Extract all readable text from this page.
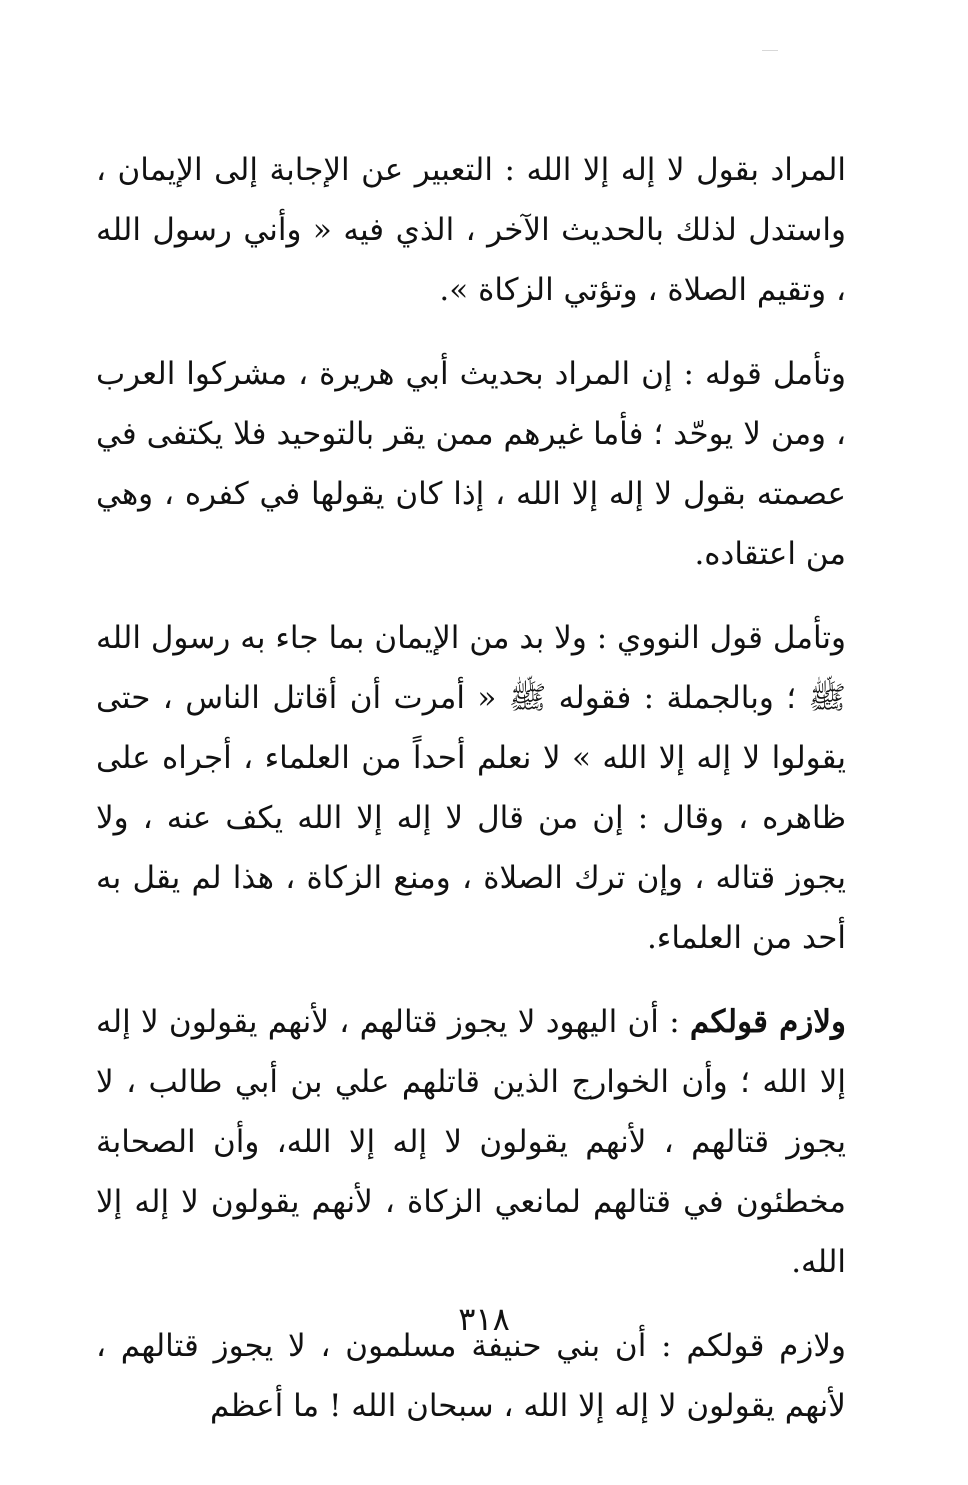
المراد بقول لا إله إلا الله : التعبير عن الإجابة إلى الإيمان ، واستدل لذلك بالحديث الآخر ، الذي فيه « وأني رسول الله ، وتقيم الصلاة ، وتؤتي الزكاة ».

وتأمل قوله : إن المراد بحديث أبي هريرة ، مشركوا العرب ، ومن لا يوحّد ؛ فأما غيرهم ممن يقر بالتوحيد فلا يكتفى في عصمته بقول لا إله إلا الله ، إذا كان يقولها في كفره ، وهي من اعتقاده.

وتأمل قول النووي : ولا بد من الإيمان بما جاء به رسول الله ﷺ ؛ وبالجملة : فقوله ﷺ « أمرت أن أقاتل الناس ، حتى يقولوا لا إله إلا الله » لا نعلم أحداً من العلماء ، أجراه على ظاهره ، وقال : إن من قال لا إله إلا الله يكف عنه ، ولا يجوز قتاله ، وإن ترك الصلاة ، ومنع الزكاة ، هذا لم يقل به أحد من العلماء.

ولازم قولكم : أن اليهود لا يجوز قتالهم ، لأنهم يقولون لا إله إلا الله ؛ وأن الخوارج الذين قاتلهم علي بن أبي طالب ، لا يجوز قتالهم ، لأنهم يقولون لا إله إلا الله، وأن الصحابة مخطئون في قتالهم لمانعي الزكاة ، لأنهم يقولون لا إله إلا الله.

ولازم قولكم : أن بني حنيفة مسلمون ، لا يجوز قتالهم ، لأنهم يقولون لا إله إلا الله ، سبحان الله ! ما أعظم

٣١٨
